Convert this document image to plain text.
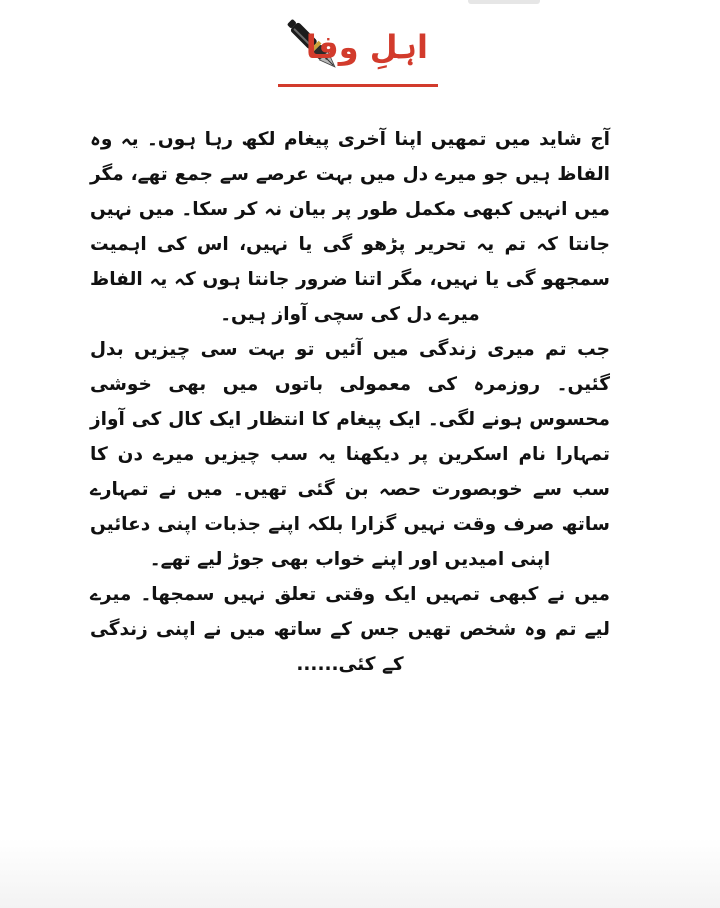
اہلِ وفا

آج شاید میں تمھیں اپنا آخری پیغام لکھ رہا ہوں۔ یہ وہ الفاظ ہیں جو میرے دل میں بہت عرصے سے جمع تھے، مگر میں انہیں کبھی مکمل طور پر بیان نہ کر سکا۔ میں نہیں جانتا کہ تم یہ تحریر پڑھو گی یا نہیں، اس کی اہمیت سمجھو گی یا نہیں، مگر اتنا ضرور جانتا ہوں کہ یہ الفاظ میرے دل کی سچی آواز ہیں۔

جب تم میری زندگی میں آئیں تو بہت سی چیزیں بدل گئیں۔ روزمرہ کی معمولی باتوں میں بھی خوشی محسوس ہونے لگی۔ ایک پیغام کا انتظار ایک کال کی آواز تمہارا نام اسکرین پر دیکھنا یہ سب چیزیں میرے دن کا سب سے خوبصورت حصہ بن گئی تھیں۔ میں نے تمہارے ساتھ صرف وقت نہیں گزارا بلکہ اپنے جذبات اپنی دعائیں اپنی امیدیں اور اپنے خواب بھی جوڑ لیے تھے۔

میں نے کبھی تمہیں ایک وقتی تعلق نہیں سمجھا۔ میرے لیے تم وہ شخص تھیں جس کے ساتھ میں نے اپنی زندگی کے کئی......
